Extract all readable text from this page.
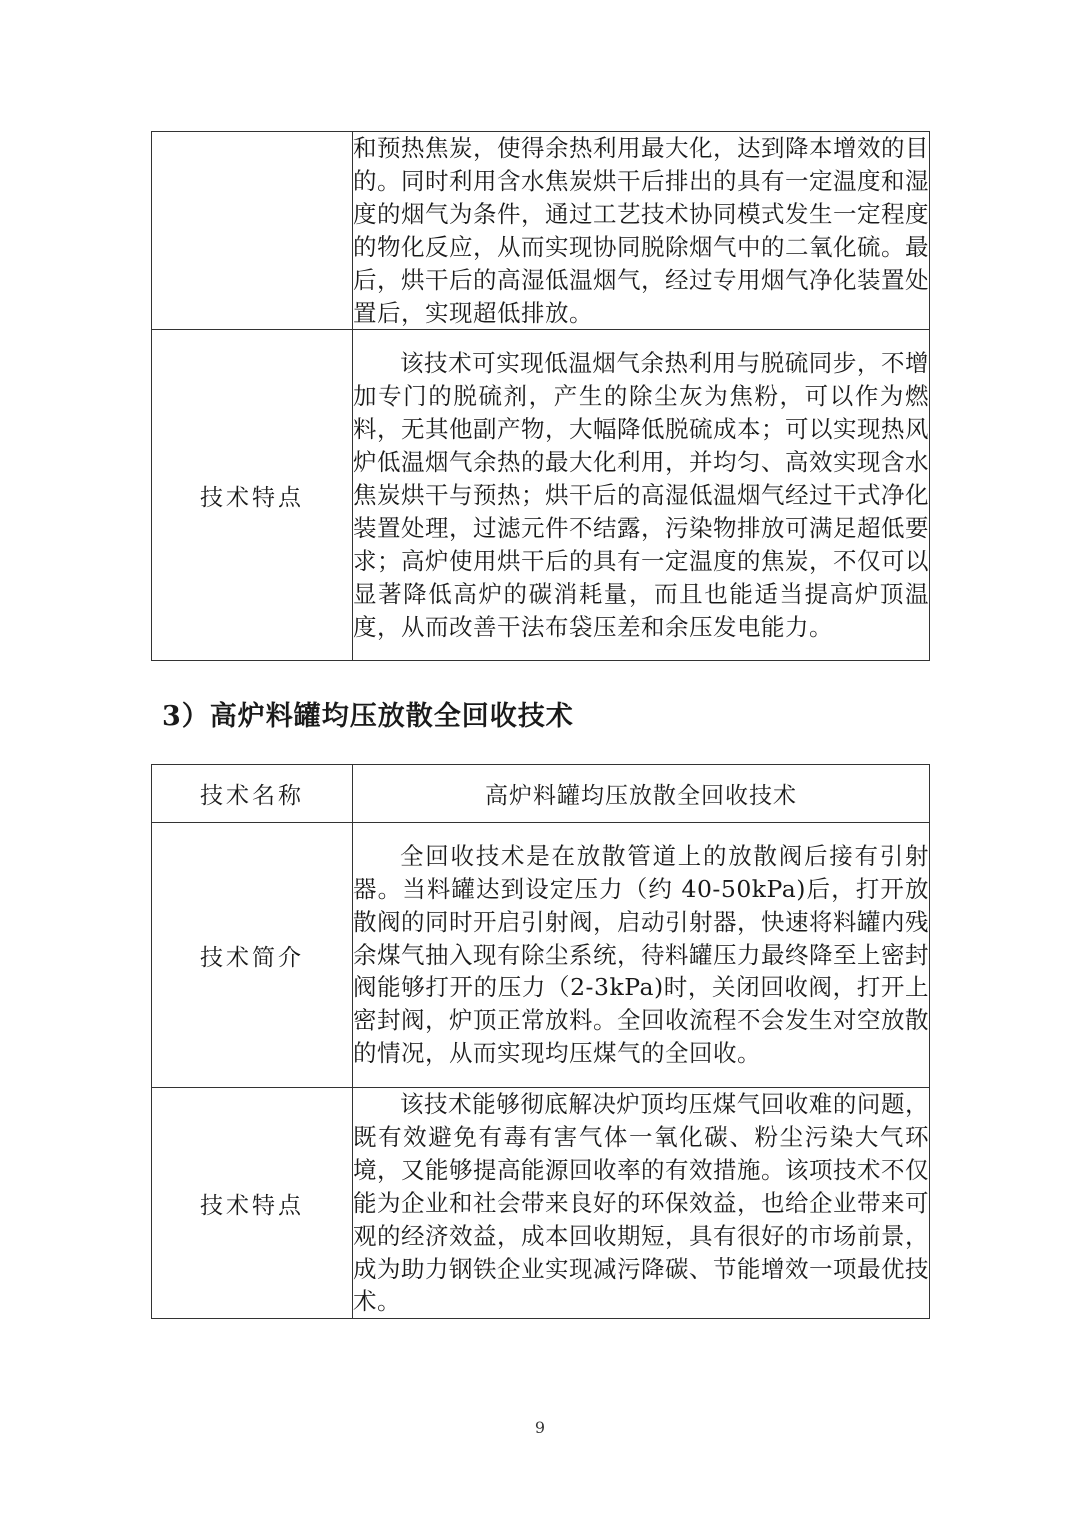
	和预热焦炭，使得余热利用最大化，达到降本增效的目的。同时利用含水焦炭烘干后排出的具有一定温度和湿度的烟气为条件，通过工艺技术协同模式发生一定程度的物化反应，从而实现协同脱除烟气中的二氧化硫。最后，烘干后的高湿低温烟气，经过专用烟气净化装置处置后，实现超低排放。
技术特点	该技术可实现低温烟气余热利用与脱硫同步，不增加专门的脱硫剂，产生的除尘灰为焦粉，可以作为燃料，无其他副产物，大幅降低脱硫成本；可以实现热风炉低温烟气余热的最大化利用，并均匀、高效实现含水焦炭烘干与预热；烘干后的高湿低温烟气经过干式净化装置处理，过滤元件不结露，污染物排放可满足超低要求；高炉使用烘干后的具有一定温度的焦炭，不仅可以显著降低高炉的碳消耗量，而且也能适当提高炉顶温度，从而改善干法布袋压差和余压发电能力。
3）高炉料罐均压放散全回收技术
技术名称	高炉料罐均压放散全回收技术
技术简介	全回收技术是在放散管道上的放散阀后接有引射器。当料罐达到设定压力（约 40-50kPa)后，打开放散阀的同时开启引射阀，启动引射器，快速将料罐内残余煤气抽入现有除尘系统，待料罐压力最终降至上密封阀能够打开的压力（2-3kPa)时，关闭回收阀，打开上密封阀，炉顶正常放料。全回收流程不会发生对空放散的情况，从而实现均压煤气的全回收。
技术特点	该技术能够彻底解决炉顶均压煤气回收难的问题，既有效避免有毒有害气体一氧化碳、粉尘污染大气环境，又能够提高能源回收率的有效措施。该项技术不仅能为企业和社会带来良好的环保效益，也给企业带来可观的经济效益，成本回收期短，具有很好的市场前景，成为助力钢铁企业实现减污降碳、节能增效一项最优技术。
9
